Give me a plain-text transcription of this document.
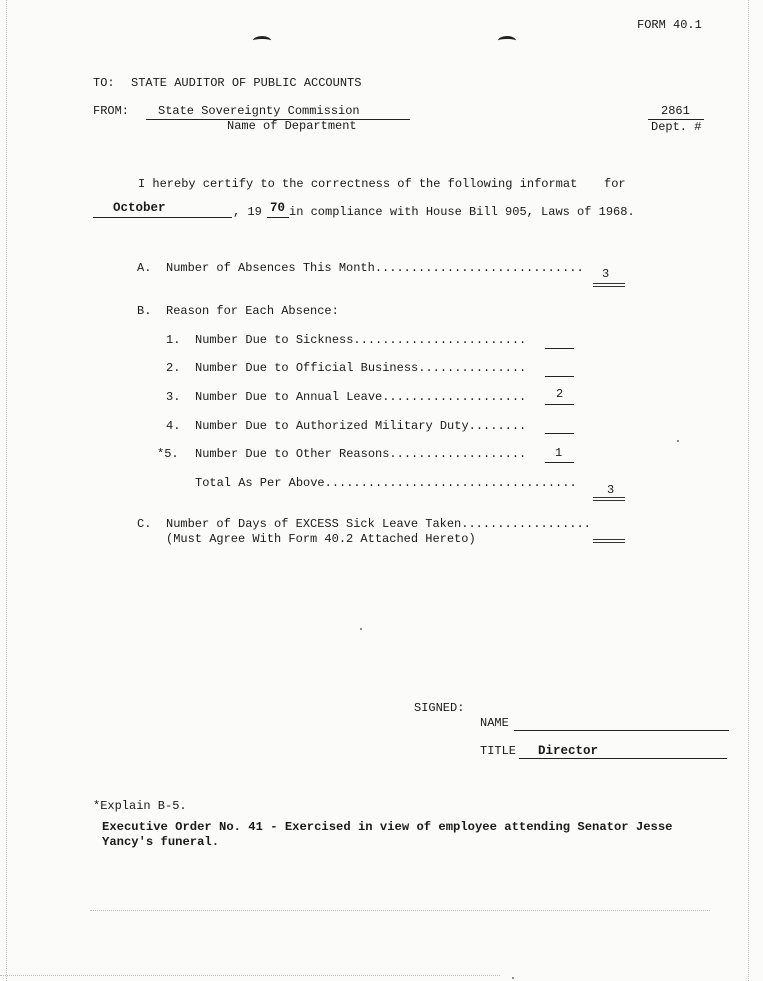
FORM 40.1
TO: STATE AUDITOR OF PUBLIC ACCOUNTS
FROM: State Sovereignty Commission
Name of Department
2861
Dept. #
I hereby certify to the correctness of the following informat for
October	, 19 70 in compliance with House Bill 905, Laws of 1968.
A. Number of Absences This Month............................. 3
B. Reason for Each Absence:
1. Number Due to Sickness........................
2. Number Due to Official Business...............
3. Number Due to Annual Leave.................... 2
4. Number Due to Authorized Military Duty........
*5. Number Due to Other Reasons................... 1
Total As Per Above...................................	3
C. Number of Days of EXCESS Sick Leave Taken..................
(Must Agree With Form 40.2 Attached Hereto)
SIGNED:
NAME
TITLE Director
*Explain B-5.
Executive Order No. 41 - Exercised in view of employee attending Senator Jesse
Yancy's funeral.
